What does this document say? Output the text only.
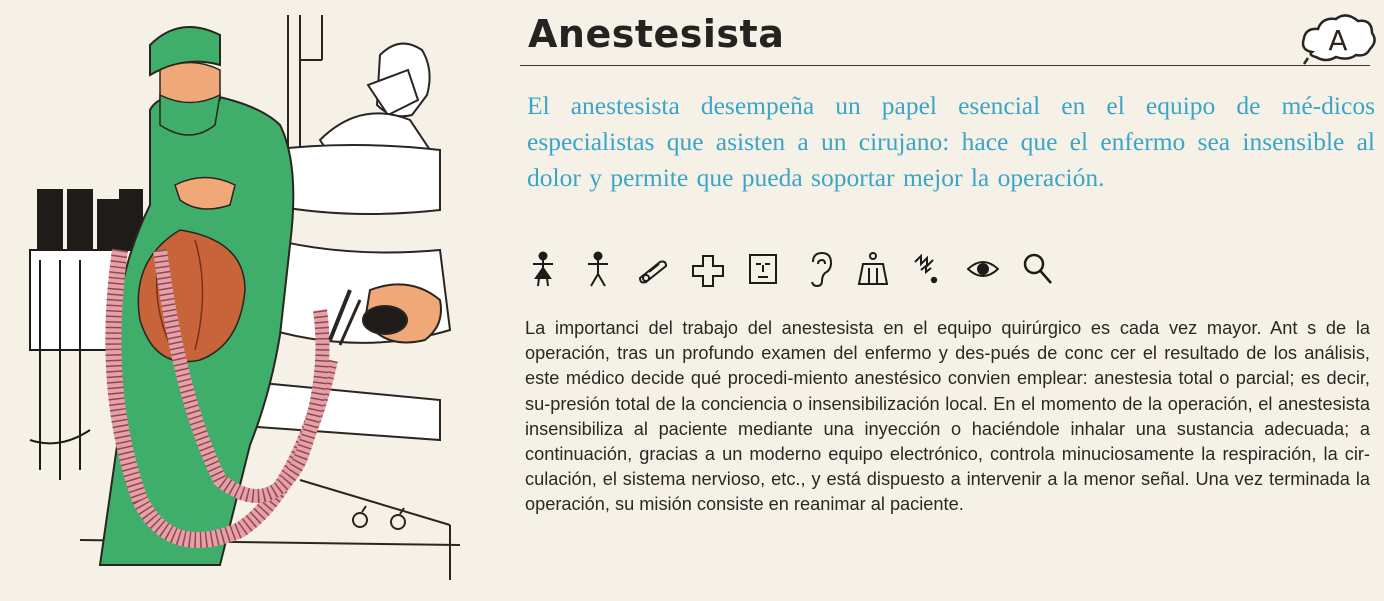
Anestesista	A

El anestesista desempeña un papel esencial en el equipo de mé-dicos especialistas que asisten a un cirujano: hace que el enfermo sea insensible al dolor y permite que pueda soportar mejor la operación.

La importanci del trabajo del anestesista en el equipo quirúrgico es cada vez mayor. Ant s de la operación, tras un profundo examen del enfermo y des-pués de conc cer el resultado de los análisis, este médico decide qué procedi-miento anestésico convien emplear: anestesia total o parcial; es decir, su-presión total de la conciencia o insensibilización local. En el momento de la operación, el anestesista insensibiliza al paciente mediante una inyección o haciéndole inhalar una sustancia adecuada; a continuación, gracias a un moderno equipo electrónico, controla minuciosamente la respiración, la cir-culación, el sistema nervioso, etc., y está dispuesto a intervenir a la menor señal. Una vez terminada la operación, su misión consiste en reanimar al paciente.
